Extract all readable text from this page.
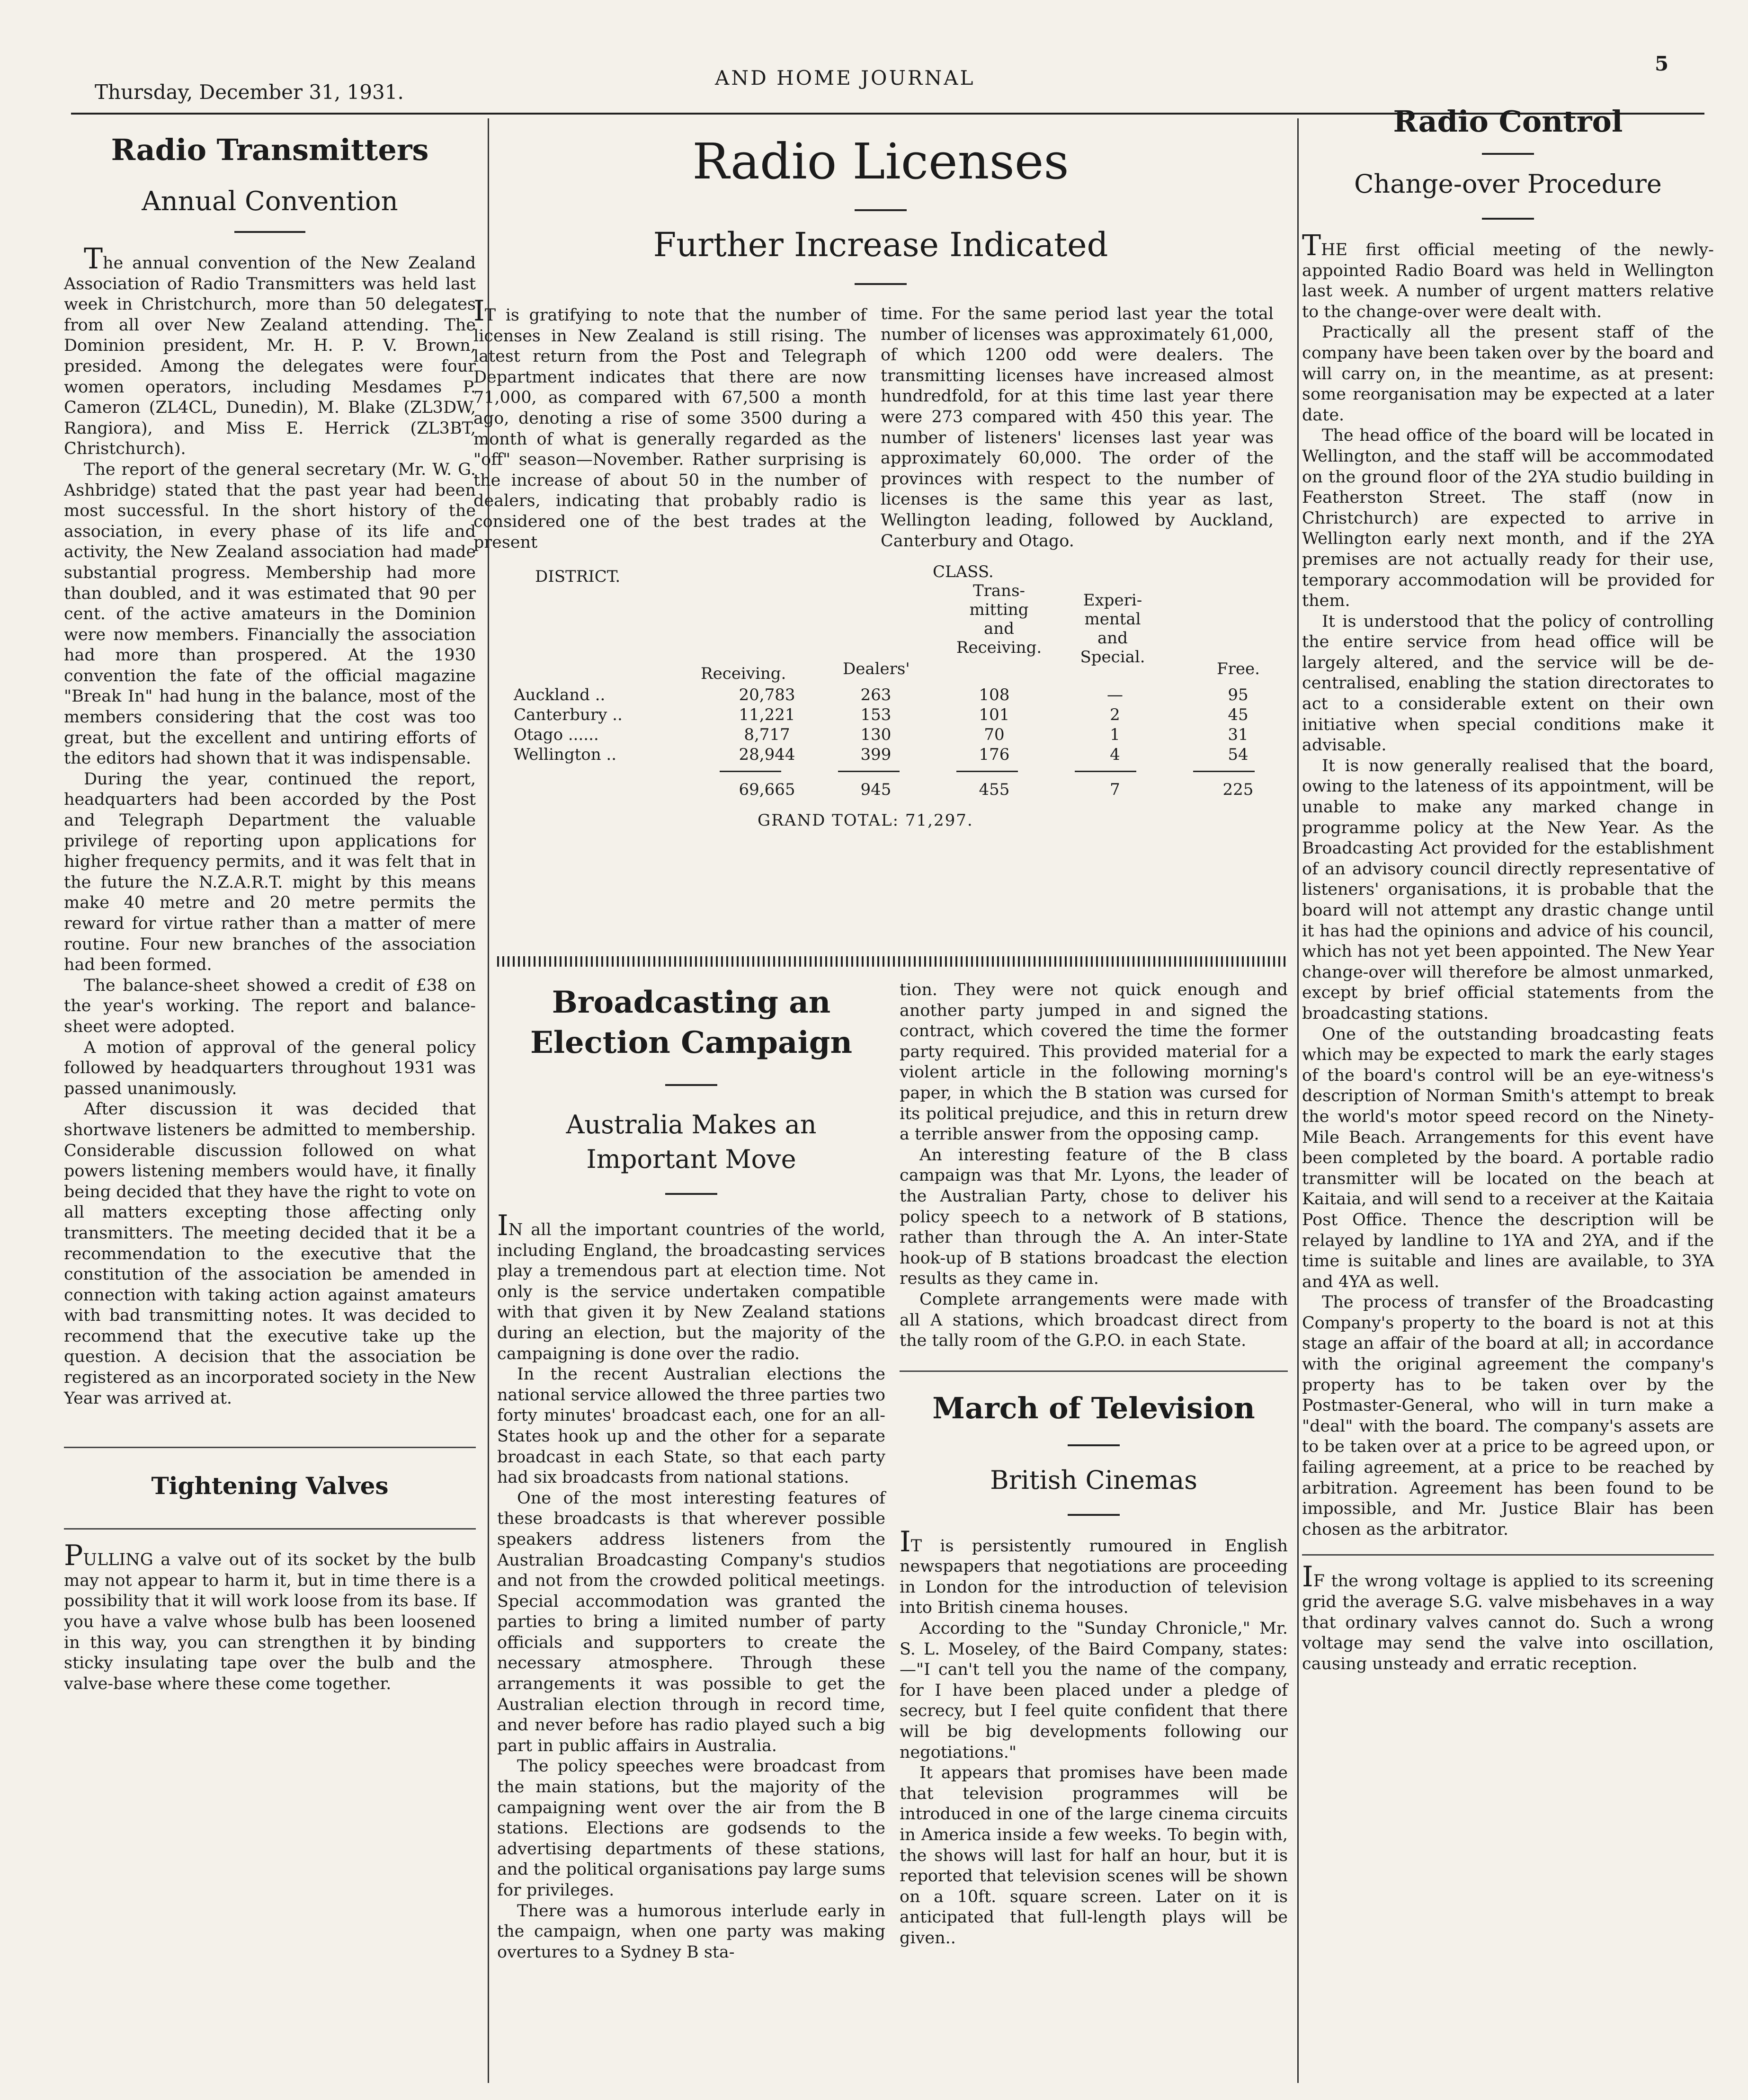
Thursday, December 31, 1931.
AND HOME JOURNAL
5
Radio Transmitters
Annual Convention

The annual convention of the New Zealand Association of Radio Transmitters was held last week in Christchurch, more than 50 delegates from all over New Zealand attending. The Dominion president, Mr. H. P. V. Brown, presided. Among the delegates were four women operators, including Mesdames P. Cameron (ZL4CL, Dunedin), M. Blake (ZL3DW, Rangiora), and Miss E. Herrick (ZL3BT, Christchurch).

The report of the general secretary (Mr. W. G. Ashbridge) stated that the past year had been most successful. In the short history of the association, in every phase of its life and activity, the New Zealand association had made substantial progress. Membership had more than doubled, and it was estimated that 90 per cent. of the active amateurs in the Dominion were now members. Financially the association had more than prospered. At the 1930 convention the fate of the official magazine "Break In" had hung in the balance, most of the members considering that the cost was too great, but the excellent and untiring efforts of the editors had shown that it was indispensable.

During the year, continued the report, headquarters had been accorded by the Post and Telegraph Department the valuable privilege of reporting upon applications for higher frequency permits, and it was felt that in the future the N.Z.A.R.T. might by this means make 40 metre and 20 metre permits the reward for virtue rather than a matter of mere routine. Four new branches of the association had been formed.

The balance-sheet showed a credit of £38 on the year's working. The report and balance-sheet were adopted.

A motion of approval of the general policy followed by headquarters throughout 1931 was passed unanimously.

After discussion it was decided that shortwave listeners be admitted to membership. Considerable discussion followed on what powers listening members would have, it finally being decided that they have the right to vote on all matters excepting those affecting only transmitters. The meeting decided that it be a recommendation to the executive that the constitution of the association be amended in connection with taking action against amateurs with bad transmitting notes. It was decided to recommend that the executive take up the question. A decision that the association be registered as an incorporated society in the New Year was arrived at.

Tightening Valves

PULLING a valve out of its socket by the bulb may not appear to harm it, but in time there is a possibility that it will work loose from its base. If you have a valve whose bulb has been loosened in this way, you can strengthen it by binding sticky insulating tape over the bulb and the valve-base where these come together.

Radio Licenses
Further Increase Indicated

IT is gratifying to note that the number of licenses in New Zealand is still rising. The latest return from the Post and Telegraph Department indicates that there are now 71,000, as compared with 67,500 a month ago, denoting a rise of some 3500 during a month of what is generally regarded as the "off" season—November. Rather surprising is the increase of about 50 in the number of dealers, indicating that probably radio is considered one of the best trades at the present

time. For the same period last year the total number of licenses was approximately 61,000, of which 1200 odd were dealers. The transmitting licenses have increased almost hundredfold, for at this time last year there were 273 compared with 450 this year. The number of listeners' licenses last year was approximately 60,000. The order of the provinces with respect to the number of licenses is the same this year as last, Wellington leading, followed by Auckland, Canterbury and Otago.

DISTRICT.	CLASS.
Trans-
mitting
and
Receiving.
Experi-
mental
and
Special.
Receiving.	Dealers'	Free.
Auckland ..	20,783	263	108	—	95
Canterbury ..	11,221	153	101	2	45
Otago ......	8,717	130	70	1	31
Wellington ..	28,944	399	176	4	54
69,665	945	455	7	225
GRAND TOTAL: 71,297.
Broadcasting an
Election Campaign
Australia Makes an
Important Move

IN all the important countries of the world, including England, the broadcasting services play a tremendous part at election time. Not only is the service undertaken compatible with that given it by New Zealand stations during an election, but the majority of the campaigning is done over the radio.

In the recent Australian elections the national service allowed the three parties two forty minutes' broadcast each, one for an all-States hook up and the other for a separate broadcast in each State, so that each party had six broadcasts from national stations.

One of the most interesting features of these broadcasts is that wherever possible speakers address listeners from the Australian Broadcasting Company's studios and not from the crowded political meetings. Special accommodation was granted the parties to bring a limited number of party officials and supporters to create the necessary atmosphere. Through these arrangements it was possible to get the Australian election through in record time, and never before has radio played such a big part in public affairs in Australia.

The policy speeches were broadcast from the main stations, but the majority of the campaigning went over the air from the B stations. Elections are godsends to the advertising departments of these stations, and the political organisations pay large sums for privileges.

There was a humorous interlude early in the campaign, when one party was making overtures to a Sydney B sta-

tion. They were not quick enough and another party jumped in and signed the contract, which covered the time the former party required. This provided material for a violent article in the following morning's paper, in which the B station was cursed for its political prejudice, and this in return drew a terrible answer from the opposing camp.

An interesting feature of the B class campaign was that Mr. Lyons, the leader of the Australian Party, chose to deliver his policy speech to a network of B stations, rather than through the A. An inter-State hook-up of B stations broadcast the election results as they came in.

Complete arrangements were made with all A stations, which broadcast direct from the tally room of the G.P.O. in each State.

March of Television
British Cinemas

IT is persistently rumoured in English newspapers that negotiations are proceeding in London for the introduction of television into British cinema houses.

According to the "Sunday Chronicle," Mr. S. L. Moseley, of the Baird Company, states:—"I can't tell you the name of the company, for I have been placed under a pledge of secrecy, but I feel quite confident that there will be big developments following our negotiations."

It appears that promises have been made that television programmes will be introduced in one of the large cinema circuits in America inside a few weeks. To begin with, the shows will last for half an hour, but it is reported that television scenes will be shown on a 10ft. square screen. Later on it is anticipated that full-length plays will be given..

Radio Control
Change-over Procedure

THE first official meeting of the newly-appointed Radio Board was held in Wellington last week. A number of urgent matters relative to the change-over were dealt with.

Practically all the present staff of the company have been taken over by the board and will carry on, in the meantime, as at present: some reorganisation may be expected at a later date.

The head office of the board will be located in Wellington, and the staff will be accommodated on the ground floor of the 2YA studio building in Featherston Street. The staff (now in Christchurch) are expected to arrive in Wellington early next month, and if the 2YA premises are not actually ready for their use, temporary accommodation will be provided for them.

It is understood that the policy of controlling the entire service from head office will be largely altered, and the service will be de-centralised, enabling the station directorates to act to a considerable extent on their own initiative when special conditions make it advisable.

It is now generally realised that the board, owing to the lateness of its appointment, will be unable to make any marked change in programme policy at the New Year. As the Broadcasting Act provided for the establishment of an advisory council directly representative of listeners' organisations, it is probable that the board will not attempt any drastic change until it has had the opinions and advice of his council, which has not yet been appointed. The New Year change-over will therefore be almost unmarked, except by brief official statements from the broadcasting stations.

One of the outstanding broadcasting feats which may be expected to mark the early stages of the board's control will be an eye-witness's description of Norman Smith's attempt to break the world's motor speed record on the Ninety-Mile Beach. Arrangements for this event have been completed by the board. A portable radio transmitter will be located on the beach at Kaitaia, and will send to a receiver at the Kaitaia Post Office. Thence the description will be relayed by landline to 1YA and 2YA, and if the time is suitable and lines are available, to 3YA and 4YA as well.

The process of transfer of the Broadcasting Company's property to the board is not at this stage an affair of the board at all; in accordance with the original agreement the company's property has to be taken over by the Postmaster-General, who will in turn make a "deal" with the board. The company's assets are to be taken over at a price to be agreed upon, or failing agreement, at a price to be reached by arbitration. Agreement has been found to be impossible, and Mr. Justice Blair has been chosen as the arbitrator.

IF the wrong voltage is applied to its screening grid the average S.G. valve misbehaves in a way that ordinary valves cannot do. Such a wrong voltage may send the valve into oscillation, causing unsteady and erratic reception.
